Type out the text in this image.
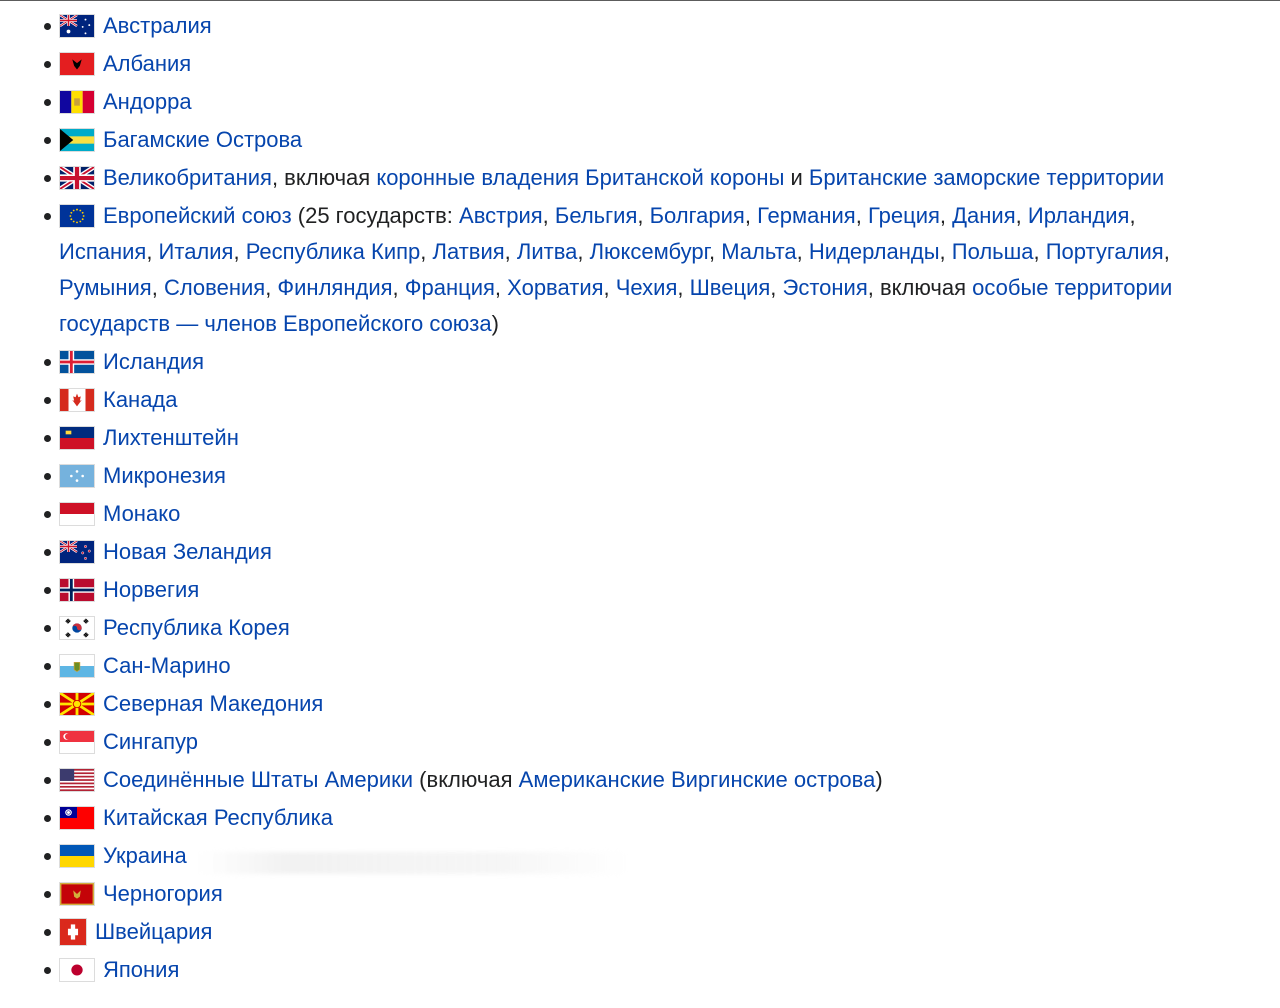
Австралия
Албания
Андорра
Багамские Острова
Великобритания, включая коронные владения Британской короны и Британские заморские территории
Европейский союз (25 государств: Австрия, Бельгия, Болгария, Германия, Греция, Дания, Ирландия, Испания, Италия, Республика Кипр, Латвия, Литва, Люксембург, Мальта, Нидерланды, Польша, Португалия, Румыния, Словения, Финляндия, Франция, Хорватия, Чехия, Швеция, Эстония, включая особые территории государств — членов Европейского союза)
Исландия
Канада
Лихтенштейн
Микронезия
Монако
Новая Зеландия
Норвегия
Республика Корея
Сан-Марино
Северная Македония
Сингапур
Соединённые Штаты Америки (включая Американские Виргинские острова)
Китайская Республика
Украина
Черногория
Швейцария
Япония
